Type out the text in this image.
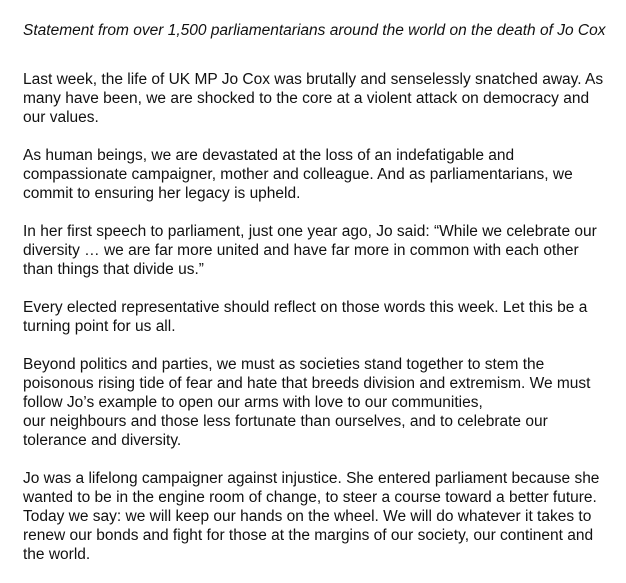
Statement from over 1,500 parliamentarians around the world on the death of Jo Cox
Last week, the life of UK MP Jo Cox was brutally and senselessly snatched away. As
many have been, we are shocked to the core at a violent attack on democracy and
our values.
As human beings, we are devastated at the loss of an indefatigable and
compassionate campaigner, mother and colleague. And as parliamentarians, we
commit to ensuring her legacy is upheld.
In her first speech to parliament, just one year ago, Jo said: “While we celebrate our
diversity … we are far more united and have far more in common with each other
than things that divide us.”
Every elected representative should reflect on those words this week. Let this be a
turning point for us all.
Beyond politics and parties, we must as societies stand together to stem the
poisonous rising tide of fear and hate that breeds division and extremism. We must
follow Jo’s example to open our arms with love to our communities,
our neighbours and those less fortunate than ourselves, and to celebrate our
tolerance and diversity.
Jo was a lifelong campaigner against injustice. She entered parliament because she
wanted to be in the engine room of change, to steer a course toward a better future.
Today we say: we will keep our hands on the wheel. We will do whatever it takes to
renew our bonds and fight for those at the margins of our society, our continent and
the world.
